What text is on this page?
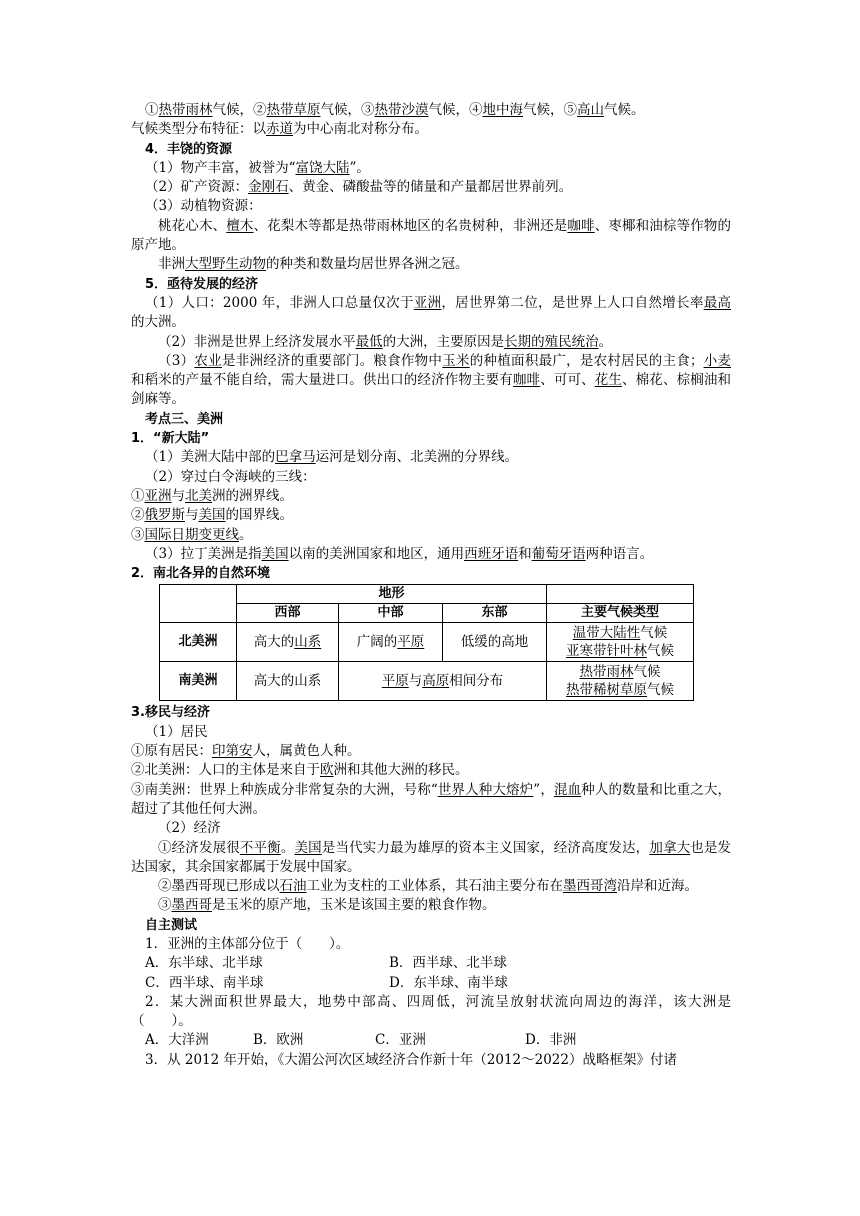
①热带雨林气候，②热带草原气候，③热带沙漠气候，④地中海气候，⑤高山气候。
气候类型分布特征：以赤道为中心南北对称分布。
4．丰饶的资源
（1）物产丰富，被誉为“富饶大陆”。
（2）矿产资源：金刚石、黄金、磷酸盐等的储量和产量都居世界前列。
（3）动植物资源：
桃花心木、檀木、花梨木等都是热带雨林地区的名贵树种，非洲还是咖啡、枣椰和油棕等作物的原产地。
非洲大型野生动物的种类和数量均居世界各洲之冠。
5．亟待发展的经济
（1）人口：2000 年，非洲人口总量仅次于亚洲，居世界第二位，是世界上人口自然增长率最高的大洲。
（2）非洲是世界上经济发展水平最低的大洲，主要原因是长期的殖民统治。
（3）农业是非洲经济的重要部门。粮食作物中玉米的种植面积最广，是农村居民的主食；小麦和稻米的产量不能自给，需大量进口。供出口的经济作物主要有咖啡、可可、花生、棉花、棕榈油和剑麻等。
考点三、美洲
1．“新大陆”
（1）美洲大陆中部的巴拿马运河是划分南、北美洲的分界线。
（2）穿过白令海峡的三线：
①亚洲与北美洲的洲界线。
②俄罗斯与美国的国界线。
③国际日期变更线。
（3）拉丁美洲是指美国以南的美洲国家和地区，通用西班牙语和葡萄牙语两种语言。
2．南北各异的自然环境
	地形			
	西部	中部	东部	主要气候类型
北美洲	高大的山系	广阔的平原	低缓的高地	温带大陆性气候
亚寒带针叶林气候
南美洲	高大的山系	平原与高原相间分布		热带雨林气候
热带稀树草原气候
3.移民与经济
（1）居民
①原有居民：印第安人，属黄色人种。
②北美洲：人口的主体是来自于欧洲和其他大洲的移民。
③南美洲：世界上种族成分非常复杂的大洲，号称“世界人种大熔炉”，混血种人的数量和比重之大，超过了其他任何大洲。
（2）经济
①经济发展很不平衡。美国是当代实力最为雄厚的资本主义国家，经济高度发达，加拿大也是发达国家，其余国家都属于发展中国家。
②墨西哥现已形成以石油工业为支柱的工业体系，其石油主要分布在墨西哥湾沿岸和近海。
③墨西哥是玉米的原产地，玉米是该国主要的粮食作物。
自主测试
1．亚洲的主体部分位于（　　）。
A．东半球、北半球	B．西半球、北半球
C．西半球、南半球	D．东半球、南半球
2．某大洲面积世界最大，地势中部高、四周低，河流呈放射状流向周边的海洋，该大洲是（　　）。
A．大洋洲	B．欧洲	C．亚洲	D．非洲
3．从 2012 年开始，《大湄公河次区域经济合作新十年（2012～2022）战略框架》付诸
